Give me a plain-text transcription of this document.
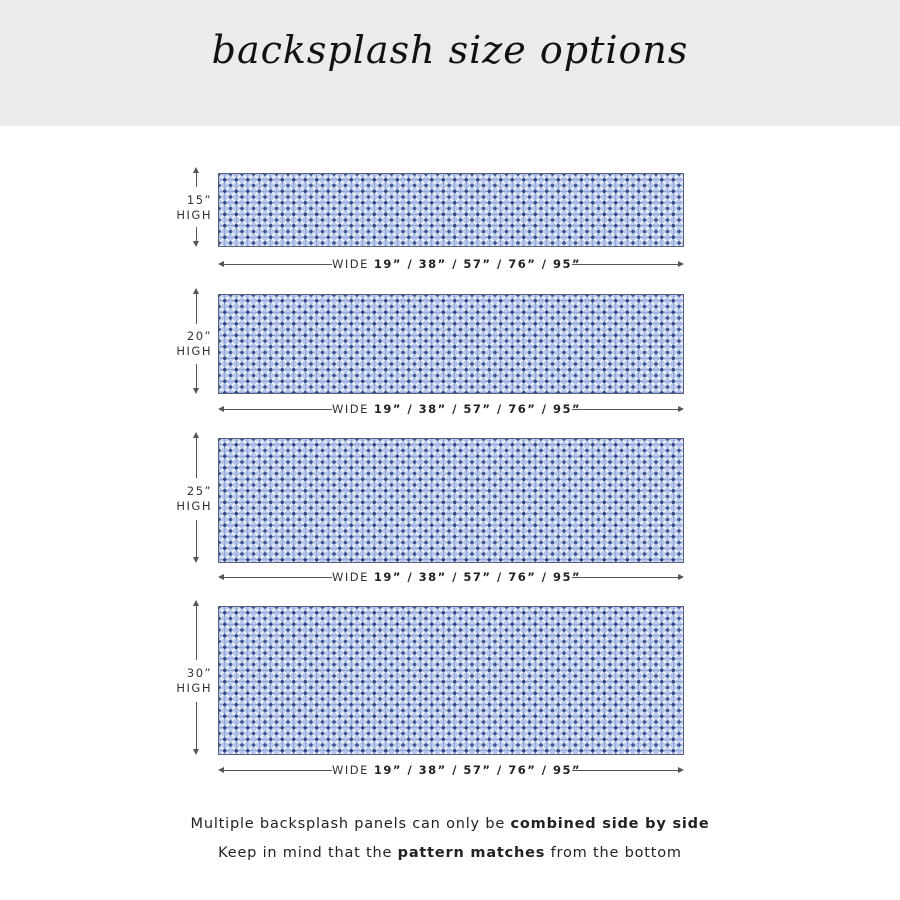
backsplash size options
15”
HIGH
WIDE 19” / 38” / 57” / 76” / 95”
20”
HIGH
WIDE 19” / 38” / 57” / 76” / 95”
25”
HIGH
WIDE 19” / 38” / 57” / 76” / 95”
30”
HIGH
WIDE 19” / 38” / 57” / 76” / 95”
Multiple backsplash panels can only be combined side by side
Keep in mind that the pattern matches from the bottom
